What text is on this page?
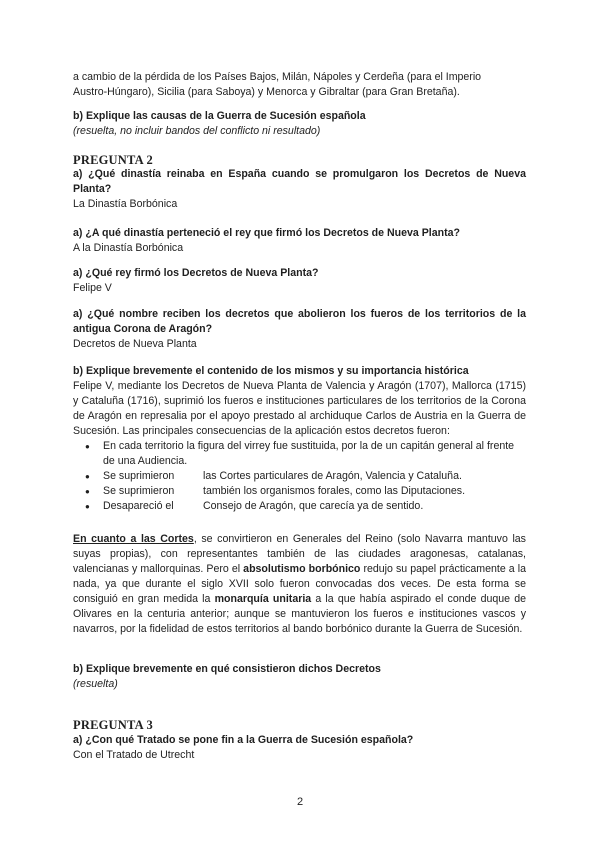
a cambio de la pérdida de los Países Bajos, Milán, Nápoles y Cerdeña (para el Imperio
Austro-Húngaro), Sicilia (para Saboya) y Menorca y Gibraltar (para Gran Bretaña).
b) Explique las causas de la Guerra de Sucesión española
(resuelta, no incluir bandos del conflicto ni resultado)
PREGUNTA 2
a) ¿Qué dinastía reinaba en España cuando se promulgaron los Decretos de Nueva Planta?
La Dinastía Borbónica
a) ¿A qué dinastía perteneció el rey que firmó los Decretos de Nueva Planta?
A la Dinastía Borbónica
a) ¿Qué rey firmó los Decretos de Nueva Planta?
Felipe V
a) ¿Qué nombre reciben los decretos que abolieron los fueros de los territorios de la antigua Corona de Aragón?
Decretos de Nueva Planta
b) Explique brevemente el contenido de los mismos y su importancia histórica
Felipe V, mediante los Decretos de Nueva Planta de Valencia y Aragón (1707), Mallorca (1715) y Cataluña (1716), suprimió los fueros e instituciones particulares de los territorios de la Corona de Aragón en represalia por el apoyo prestado al archiduque Carlos de Austria en la Guerra de Sucesión. Las principales consecuencias de la aplicación estos decretos fueron:
● En cada territorio la figura del virrey fue sustituida, por la de un capitán general al frente de una Audiencia.
● Se suprimieron	las Cortes particulares de Aragón, Valencia y Cataluña.
● Se suprimieron	también los organismos forales, como las Diputaciones.
● Desapareció el	Consejo de Aragón, que carecía ya de sentido.
En cuanto a las Cortes, se convirtieron en Generales del Reino (solo Navarra mantuvo las suyas propias), con representantes también de las ciudades aragonesas, catalanas, valencianas y mallorquinas. Pero el absolutismo borbónico redujo su papel prácticamente a la nada, ya que durante el siglo XVII solo fueron convocadas dos veces. De esta forma se consiguió en gran medida la monarquía unitaria a la que había aspirado el conde duque de Olivares en la centuria anterior; aunque se mantuvieron los fueros e instituciones vascos y navarros, por la fidelidad de estos territorios al bando borbónico durante la Guerra de Sucesión.
b) Explique brevemente en qué consistieron dichos Decretos
(resuelta)
PREGUNTA 3
a) ¿Con qué Tratado se pone fin a la Guerra de Sucesión española?
Con el Tratado de Utrecht
2
